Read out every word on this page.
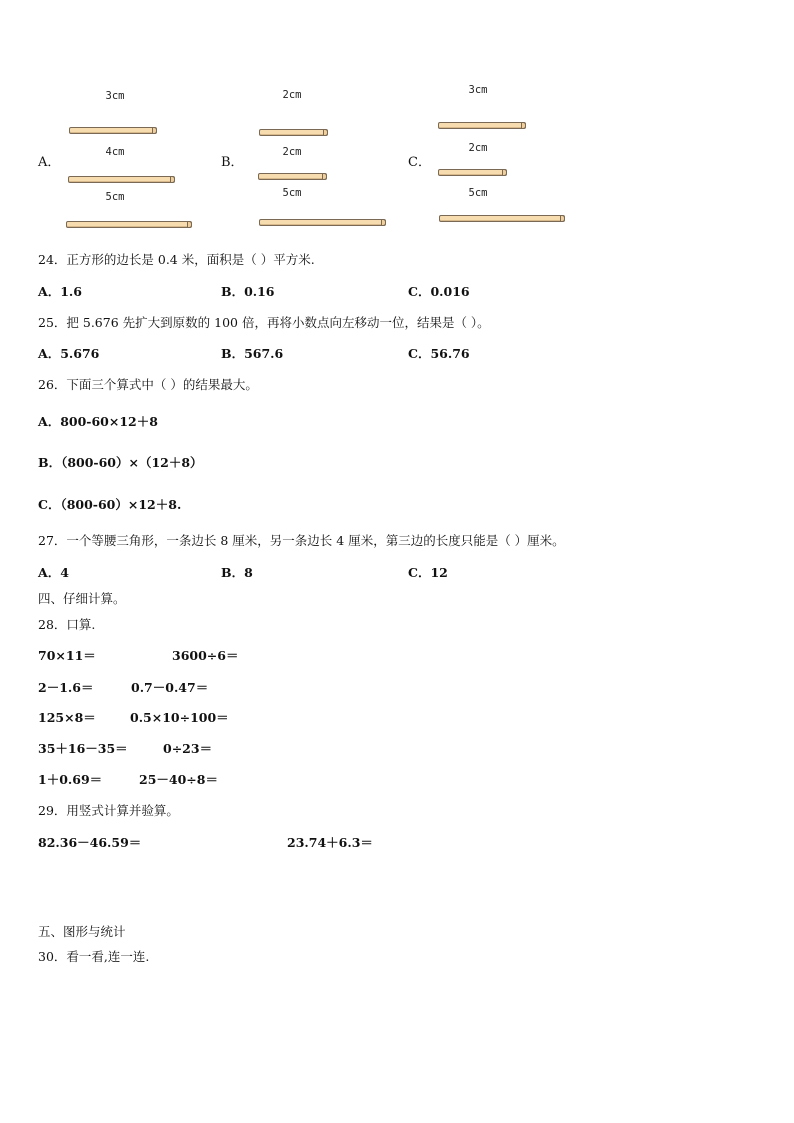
A．
3cm
4cm
5cm
B．
2cm
2cm
5cm
C．
3cm
2cm
5cm
24．正方形的边长是 0.4 米，面积是（ ）平方米.
A．1.6	B．0.16	C．0.016
25．把 5.676 先扩大到原数的 100 倍，再将小数点向左移动一位，结果是（ ）。
A．5.676	B．567.6	C．56.76
26．下面三个算式中（ ）的结果最大。
A．800-60×12＋8
B．（800-60）×（12＋8）
C．（800-60）×12＋8.
27．一个等腰三角形，一条边长 8 厘米，另一条边长 4 厘米，第三边的长度只能是（ ）厘米。
A．4	B．8	C．12
四、仔细计算。
28．口算.
70×11＝	3600÷6＝
2－1.6＝	0.7－0.47＝
125×8＝	0.5×10÷100＝
35＋16－35＝	0÷23＝
1＋0.69＝	25－40÷8＝
29．用竖式计算并验算。
82.36－46.59＝	23.74＋6.3＝
五、图形与统计
30．看一看,连一连.
